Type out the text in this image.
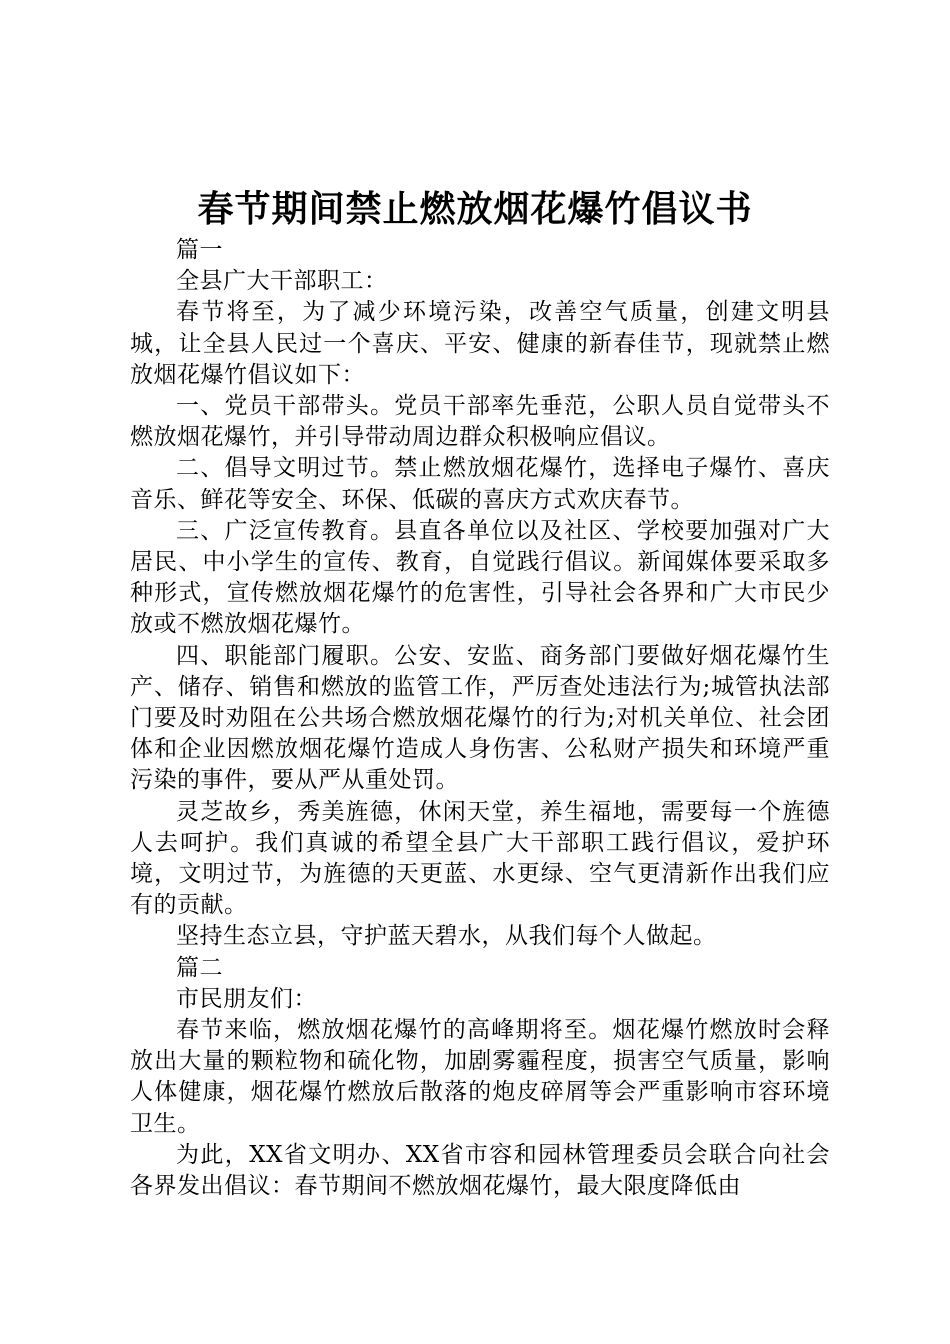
春节期间禁止燃放烟花爆竹倡议书

篇一

全县广大干部职工：

春节将至，为了减少环境污染，改善空气质量，创建文明县城，让全县人民过一个喜庆、平安、健康的新春佳节，现就禁止燃放烟花爆竹倡议如下：

一、党员干部带头。党员干部率先垂范，公职人员自觉带头不燃放烟花爆竹，并引导带动周边群众积极响应倡议。

二、倡导文明过节。禁止燃放烟花爆竹，选择电子爆竹、喜庆音乐、鲜花等安全、环保、低碳的喜庆方式欢庆春节。

三、广泛宣传教育。县直各单位以及社区、学校要加强对广大居民、中小学生的宣传、教育，自觉践行倡议。新闻媒体要采取多种形式，宣传燃放烟花爆竹的危害性，引导社会各界和广大市民少放或不燃放烟花爆竹。

四、职能部门履职。公安、安监、商务部门要做好烟花爆竹生产、储存、销售和燃放的监管工作，严厉查处违法行为;城管执法部门要及时劝阻在公共场合燃放烟花爆竹的行为;对机关单位、社会团体和企业因燃放烟花爆竹造成人身伤害、公私财产损失和环境严重污染的事件，要从严从重处罚。

灵芝故乡，秀美旌德，休闲天堂，养生福地，需要每一个旌德人去呵护。我们真诚的希望全县广大干部职工践行倡议，爱护环境，文明过节，为旌德的天更蓝、水更绿、空气更清新作出我们应有的贡献。

坚持生态立县，守护蓝天碧水，从我们每个人做起。

篇二

市民朋友们：

春节来临，燃放烟花爆竹的高峰期将至。烟花爆竹燃放时会释放出大量的颗粒物和硫化物，加剧雾霾程度，损害空气质量，影响人体健康，烟花爆竹燃放后散落的炮皮碎屑等会严重影响市容环境卫生。

为此，XX省文明办、XX省市容和园林管理委员会联合向社会各界发出倡议：春节期间不燃放烟花爆竹，最大限度降低由
